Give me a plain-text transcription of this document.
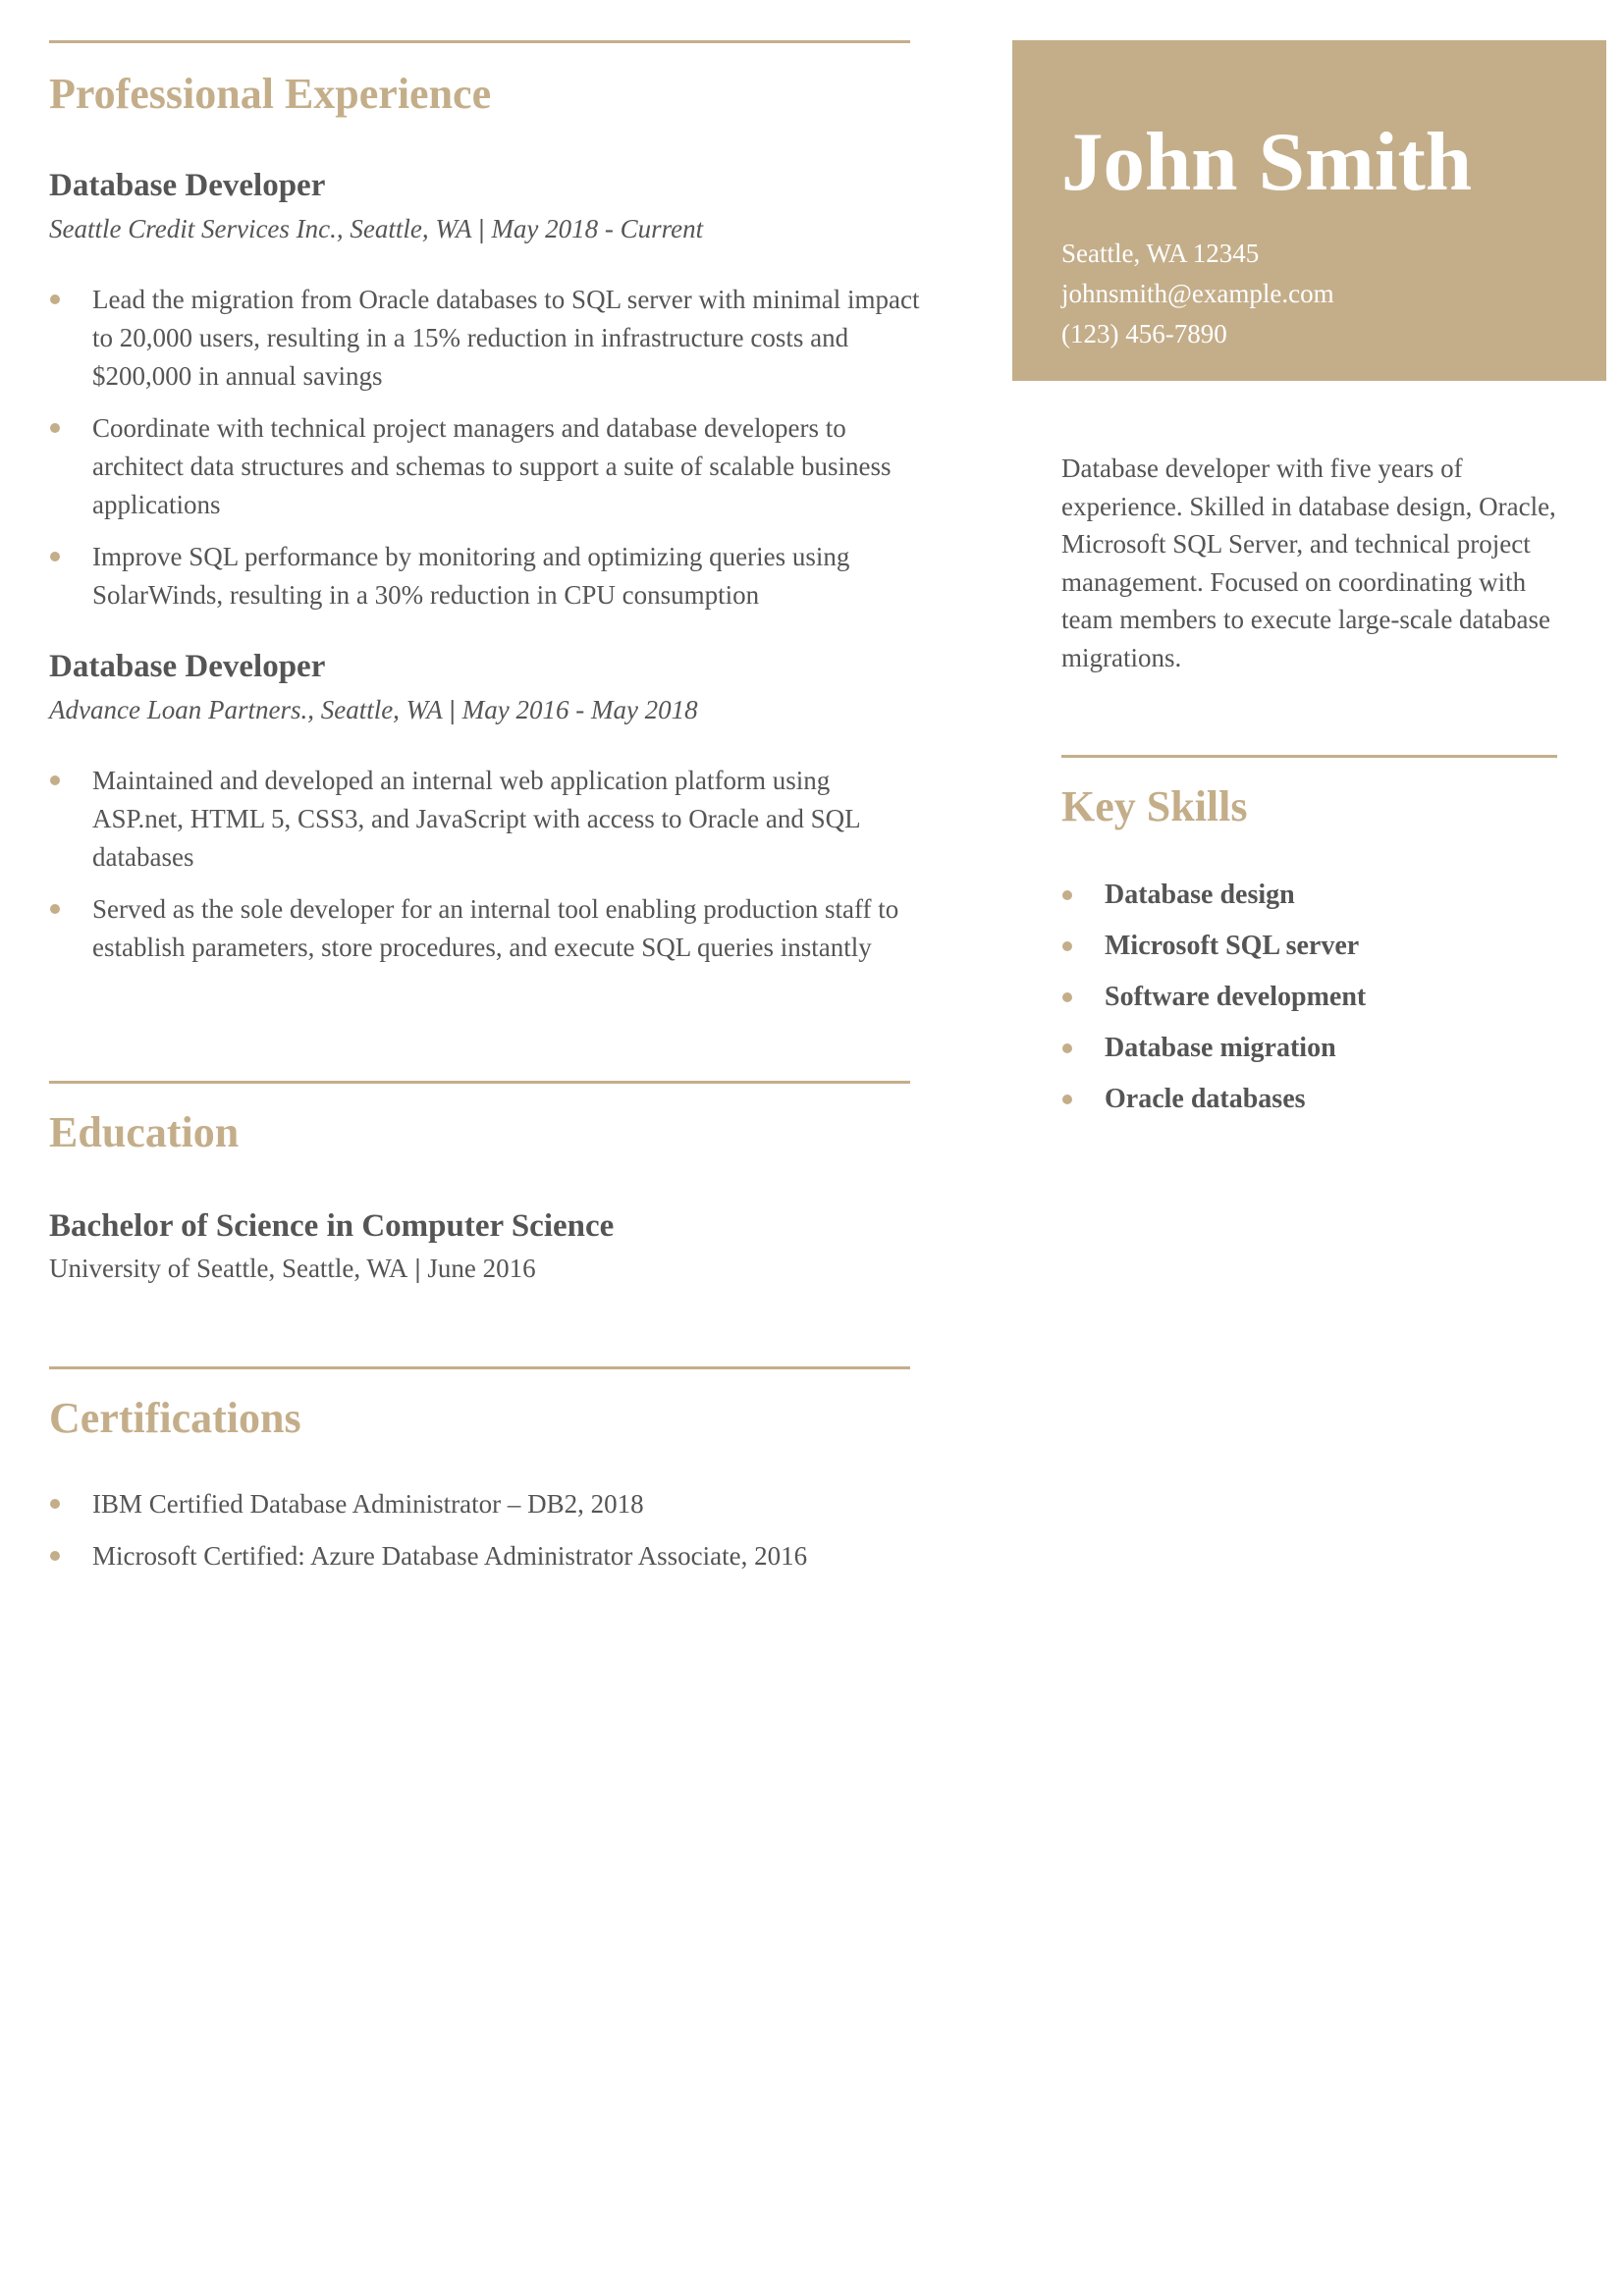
Professional Experience
Database Developer
Seattle Credit Services Inc., Seattle, WA | May 2018 - Current
Lead the migration from Oracle databases to SQL server with minimal impact to 20,000 users, resulting in a 15% reduction in infrastructure costs and $200,000 in annual savings
Coordinate with technical project managers and database developers to architect data structures and schemas to support a suite of scalable business applications
Improve SQL performance by monitoring and optimizing queries using SolarWinds, resulting in a 30% reduction in CPU consumption
Database Developer
Advance Loan Partners., Seattle, WA | May 2016 - May 2018
Maintained and developed an internal web application platform using ASP.net, HTML 5, CSS3, and JavaScript with access to Oracle and SQL databases
Served as the sole developer for an internal tool enabling production staff to establish parameters, store procedures, and execute SQL queries instantly
Education
Bachelor of Science in Computer Science
University of Seattle, Seattle, WA | June 2016
Certifications
IBM Certified Database Administrator – DB2, 2018
Microsoft Certified: Azure Database Administrator Associate, 2016
John Smith
Seattle, WA 12345
johnsmith@example.com
(123) 456-7890

Database developer with five years of experience. Skilled in database design, Oracle, Microsoft SQL Server, and technical project management. Focused on coordinating with team members to execute large-scale database migrations.

Key Skills
Database design
Microsoft SQL server
Software development
Database migration
Oracle databases
